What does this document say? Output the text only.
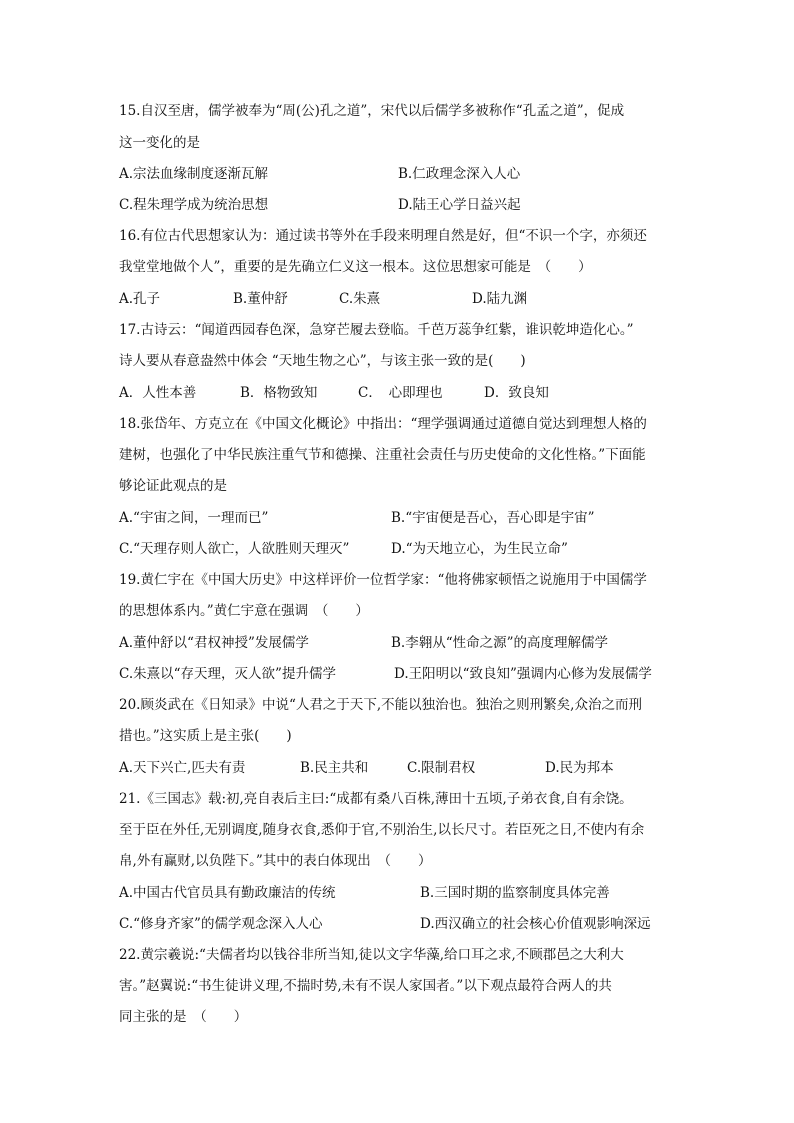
15.自汉至唐，儒学被奉为“周(公)孔之道”，宋代以后儒学多被称作“孔孟之道”，促成
这一变化的是
A.宗法血缘制度逐渐瓦解	B.仁政理念深入人心
C.程朱理学成为统治思想	D.陆王心学日益兴起
16.有位古代思想家认为：通过读书等外在手段来明理自然是好，但“不识一个字，亦须还
我堂堂地做个人”，重要的是先确立仁义这一根本。这位思想家可能是　（　　）
A.孔子	B.董仲舒	C.朱熹	D.陆九渊
17.古诗云：“闻道西园春色深，急穿芒履去登临。千芭万蕊争红紫，谁识乾坤造化心。”
诗人要从春意盎然中体会 “天地生物之心”，与该主张一致的是(　　)
A．人性本善	B．格物致知	C．　心即理也	D．致良知
18.张岱年、方克立在《中国文化概论》中指出：“理学强调通过道德自觉达到理想人格的
建树，也强化了中华民族注重气节和德操、注重社会责任与历史使命的文化性格。”下面能
够论证此观点的是
A.“宇宙之间，一理而已”	B.“宇宙便是吾心，吾心即是宇宙”
C.“天理存则人欲亡，人欲胜则天理灭”	D.“为天地立心，为生民立命”
19.黄仁宇在《中国大历史》中这样评价一位哲学家：“他将佛家顿悟之说施用于中国儒学
的思想体系内。”黄仁宇意在强调　（　　）
A.董仲舒以“君权神授”发展儒学	B.李翱从“性命之源”的高度理解儒学
C.朱熹以“存天理，灭人欲”提升儒学	D.王阳明以“致良知”强调内心修为发展儒学
20.顾炎武在《日知录》中说“人君之于天下,不能以独治也。独治之则刑繁矣,众治之而刑
措也。”这实质上是主张(　　)
A.天下兴亡,匹夫有责	B.民主共和	C.限制君权	D.民为邦本
21.《三国志》载:初,亮自表后主曰:“成都有桑八百株,薄田十五顷,子弟衣食,自有余饶。
至于臣在外任,无别调度,随身衣食,悉仰于官,不别治生,以长尺寸。若臣死之日,不使内有余
帛,外有赢财,以负陛下。”其中的表白体现出　（　　）
A.中国古代官员具有勤政廉洁的传统	B.三国时期的监察制度具体完善
C.“修身齐家”的儒学观念深入人心	D.西汉确立的社会核心价值观影响深远
22.黄宗羲说:“夫儒者均以钱谷非所当知,徒以文字华藻,给口耳之求,不顾郡邑之大利大
害。”赵翼说:“书生徒讲义理,不揣时势,未有不误人家国者。”以下观点最符合两人的共
同主张的是　（　　）
